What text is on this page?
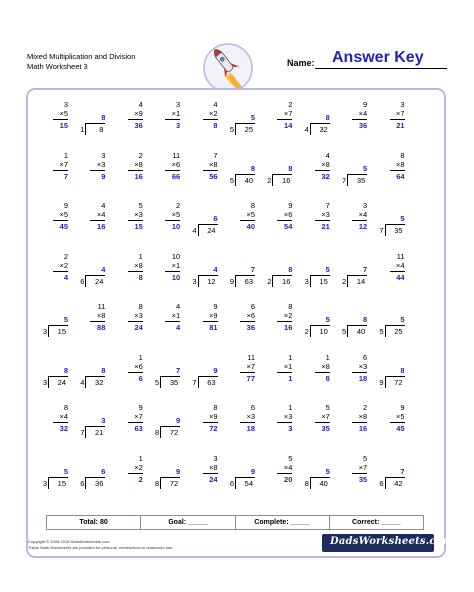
Mixed Multiplication and Division
Math Worksheet 3	Name: Answer Key
3
×5
15
8
1 8
4
×9
36
3
×1
3
4
×2
8
5
5 25
2
×7
14
8
4 32
9
×4
36
3
×7
21
1
×7
7
3
×3
9
2
×8
16
11
×6
66
7
×8
56
8
5 40
8
2 16
4
×8
32
5
7 35
8
×8
64
9
×5
45
4
×4
16
5
×3
15
2
×5
10
6
4 24
8
×5
40
9
×6
54
7
×3
21
3
×4
12
5
7 35
2
×2
4
4
6 24
1
×8
8
10
×1
10
4
3 12
7
9 63
8
2 16
5
3 15
7
2 14
11
×4
44
5
3 15
11
×8
88
8
×3
24
4
×1
4
9
×9
81
6
×6
36
8
×2
16
5
2 10
8
5 40
5
5 25
8
3 24
8
4 32
1
×6
6
7
5 35
9
7 63
11
×7
77
1
×1
1
1
×8
8
6
×3
18
8
9 72
8
×4
32
3
7 21
9
×7
63
9
8 72
8
×9
72
6
×3
18
1
×3
3
5
×7
35
2
×8
16
9
×5
45
5
3 15
6
6 36
1
×2
2
9
8 72
3
×8
24
9
6 54
5
×4
20
5
8 40
5
×7
35
7
6 42
Total: 80	Goal: _____	Complete: _____	Correct: _____
Copyright © 2008-2018 DadsWorksheets.com
These Math Worksheets are provided for personal, homeschool or classroom use.
DadsWorksheets.com
